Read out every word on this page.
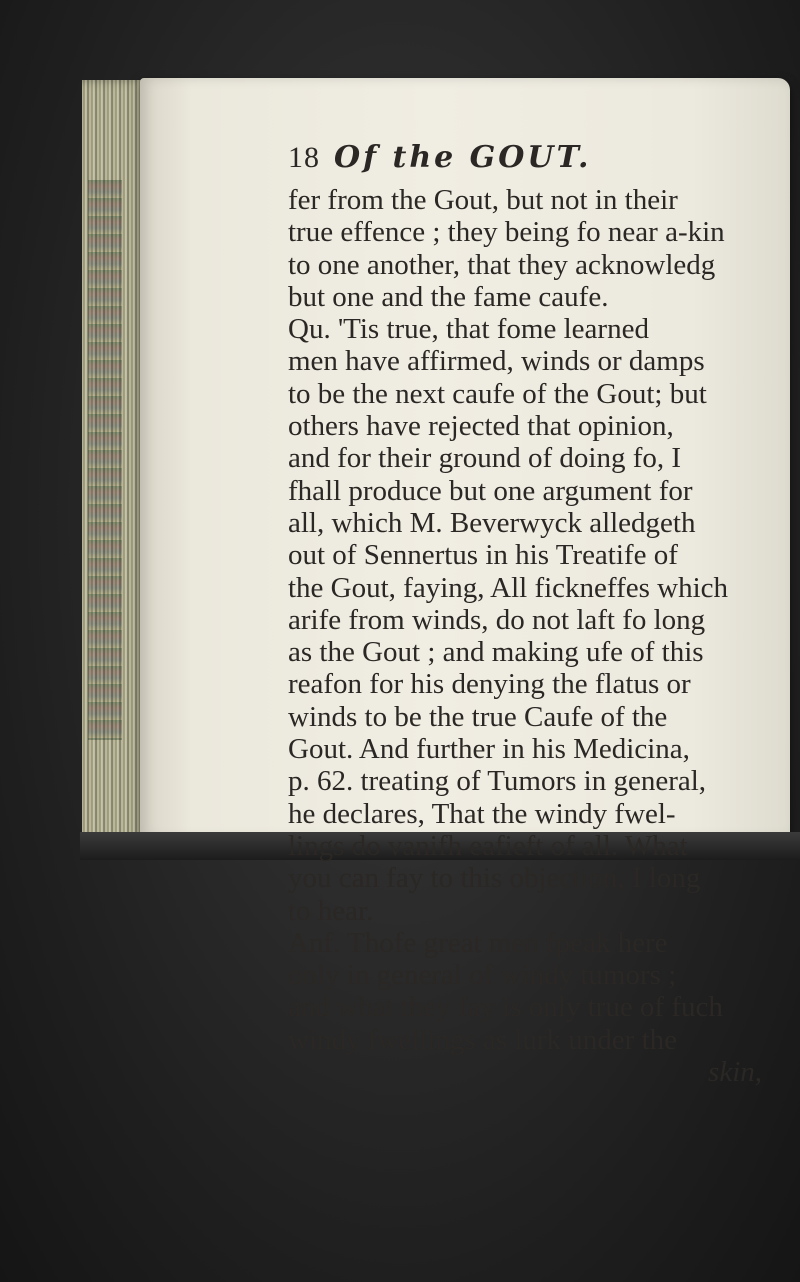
18 Of the GOUT.
fer from the Gout, but not in their
true effence ; they being fo near a-kin
to one another, that they acknowledg
but one and the fame caufe.
Qu. 'Tis true, that fome learned
men have affirmed, winds or damps
to be the next caufe of the Gout; but
others have rejected that opinion,
and for their ground of doing fo, I
fhall produce but one argument for
all, which M. Beverwyck alledgeth
out of Sennertus in his Treatife of
the Gout, faying, All fickneffes which
arife from winds, do not laft fo long
as the Gout ; and making ufe of this
reafon for his denying the flatus or
winds to be the true Caufe of the
Gout. And further in his Medicina,
p. 62. treating of Tumors in general,
he declares, That the windy fwel-
lings do vanifh eafieft of all. What
you can fay to this objection, I long
to hear.
Anf. Thofe great men fpeak here
only in general of windy tumors ;
and what they fay is only true of fuch
windy fwellings as lurk under the
skin,
